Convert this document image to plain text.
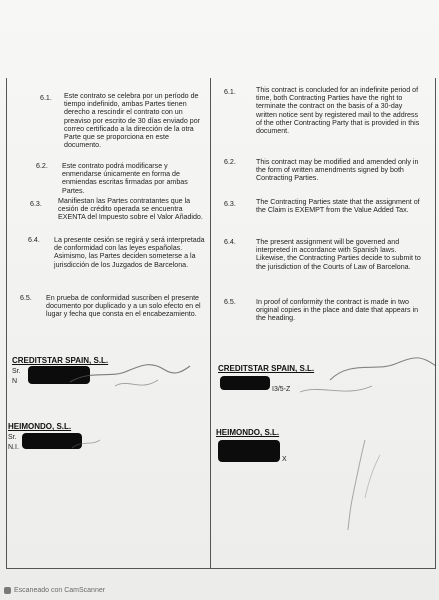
6.1. Este contrato se celebra por un período de tiempo indefinido, ambas Partes tienen derecho a rescindir el contrato con un preaviso por escrito de 30 días enviado por correo certificado a la dirección de la otra Parte que se proporciona en este documento.
6.2. Este contrato podrá modificarse y enmendarse únicamente en forma de enmiendas escritas firmadas por ambas Partes.
6.3. Manifiestan las Partes contratantes que la cesión de crédito operada se encuentra EXENTA del Impuesto sobre el Valor Añadido.
6.4. La presente cesión se regirá y será interpretada de conformidad con las leyes españolas. Asimismo, las Partes deciden someterse a la jurisdicción de los Juzgados de Barcelona.
6.5. En prueba de conformidad suscriben el presente documento por duplicado y a un solo efecto en el lugar y fecha que consta en el encabezamiento.
CREDITSTAR SPAIN, S.L.
Sr.
N
HEIMONDO, S.L.
Sr.
N.I.
6.1.	This contract is concluded for an indefinite period of time, both Contracting Parties have the right to terminate the contract on the basis of a 30-day written notice sent by registered mail to the address of the other Contracting Party that is provided in this document.
6.2.	This contract may be modified and amended only in the form of written amendments signed by both Contracting Parties.
6.3.	The Contracting Parties state that the assignment of the Claim is EXEMPT from the Value Added Tax.
6.4.	The present assignment will be governed and interpreted in accordance with Spanish laws. Likewise, the Contracting Parties decide to submit to the jurisdiction of the Courts of Law of Barcelona.
6.5.	In proof of conformity the contract is made in two original copies in the place and date that appears in the heading.
CREDITSTAR SPAIN, S.L.
I3/5-Z
HEIMONDO, S.L.
X
Escaneado con CamScanner
